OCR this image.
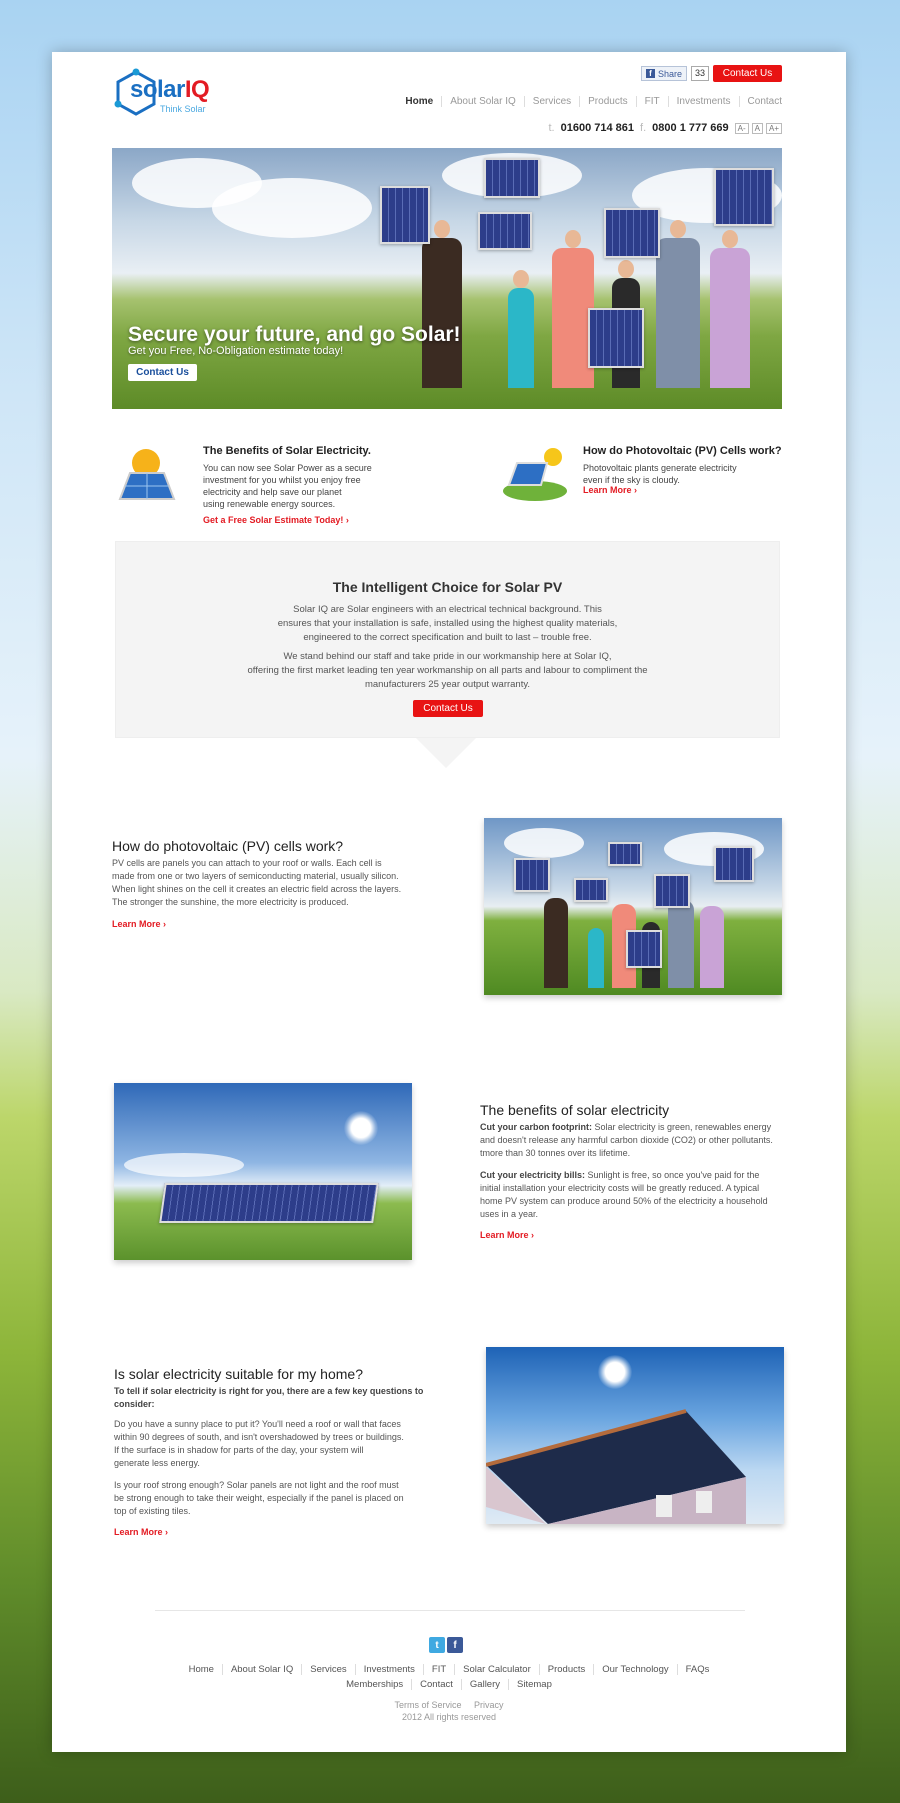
solarIQ
Think Solar
f Share	33	Contact Us
Home	About Solar IQ	Services	Products	FIT	Investments	Contact
t. 01600 714 861 f. 0800 1 777 669	A-	A	A+
Secure your future, and go Solar!
Get you Free, No-Obligation estimate today!
Contact Us
The Benefits of Solar Electricity.
You can now see Solar Power as a secure
investment for you whilst you enjoy free
electricity and help save our planet
using renewable energy sources.
Get a Free Solar Estimate Today! ›
How do Photovoltaic (PV) Cells work?
Photovoltaic plants generate electricity
even if the sky is cloudy.
Learn More ›
The Intelligent Choice for Solar PV
Solar IQ are Solar engineers with an electrical technical background. This
ensures that your installation is safe, installed using the highest quality materials,
engineered to the correct specification and built to last – trouble free.
We stand behind our staff and take pride in our workmanship here at Solar IQ,
offering the first market leading ten year workmanship on all parts and labour to compliment the
manufacturers 25 year output warranty.
Contact Us
How do photovoltaic (PV) cells work?
PV cells are panels you can attach to your roof or walls. Each cell is
made from one or two layers of semiconducting material, usually silicon.
When light shines on the cell it creates an electric field across the layers.
The stronger the sunshine, the more electricity is produced.
Learn More ›
The benefits of solar electricity
Cut your carbon footprint: Solar electricity is green, renewables energy
and doesn't release any harmful carbon dioxide (CO2) or other pollutants.
tmore than 30 tonnes over its lifetime.
Cut your electricity bills: Sunlight is free, so once you've paid for the
initial installation your electricity costs will be greatly reduced. A typical
home PV system can produce around 50% of the electricity a household
uses in a year.
Learn More ›
Is solar electricity suitable for my home?
To tell if solar electricity is right for you, there are a few key questions to
consider:
Do you have a sunny place to put it? You'll need a roof or wall that faces
within 90 degrees of south, and isn't overshadowed by trees or buildings.
If the surface is in shadow for parts of the day, your system will
generate less energy.
Is your roof strong enough? Solar panels are not light and the roof must
be strong enough to take their weight, especially if the panel is placed on
top of existing tiles.
Learn More ›
t	f
Home	About Solar IQ	Services	Investments	FIT	Solar Calculator	Products	Our Technology	FAQs
Memberships	Contact	Gallery	Sitemap
Terms of Service Privacy
2012 All rights reserved
